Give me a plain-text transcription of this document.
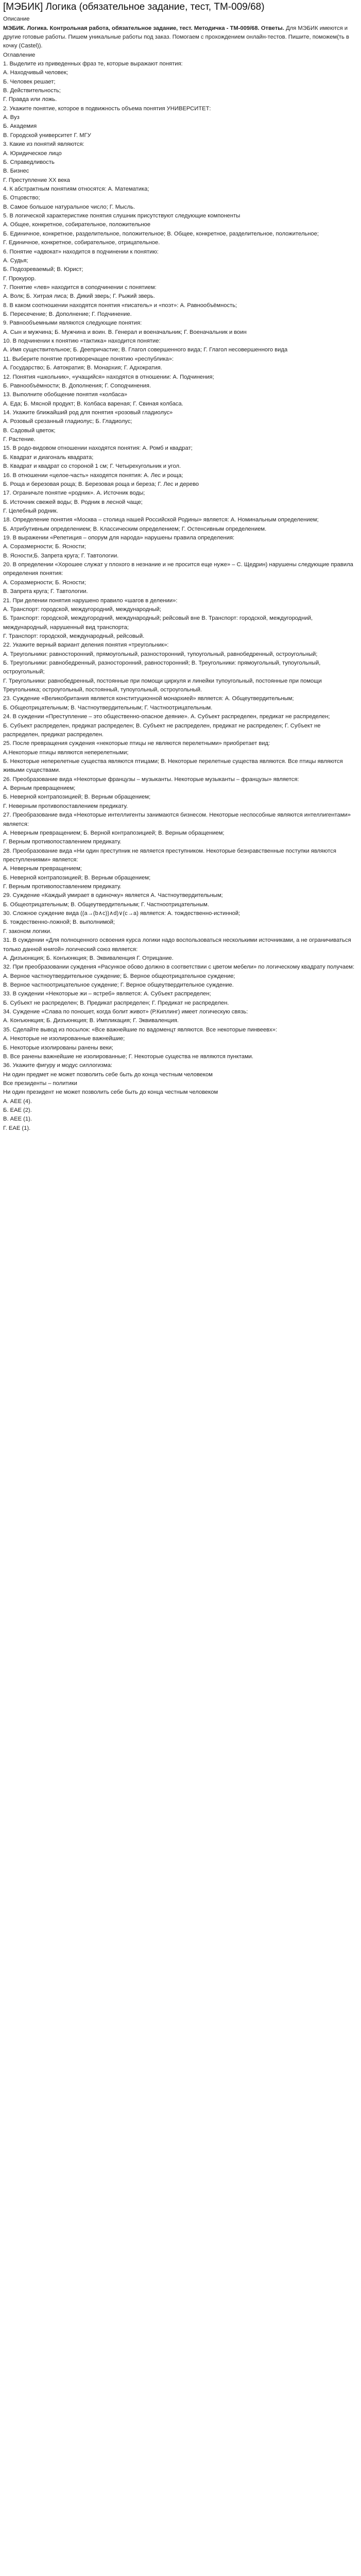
[МЭБИК] Логика (обязательное задание, тест, ТМ-009/68)

Описание

МЭБИК. Логика. Контрольная работа, обязательное задание, тест. Методичка - ТМ-009/68. Ответы. Для МЭБИК имеются и другие готовые работы. Пишем уникальные работы под заказ. Помогаем с прохождением онлайн-тестов. Пишите, поможем(ть в кочку (Castel)).

Оглавление

1. Выделите из приведенных фраз те, которые выражают понятия:

А. Находчивый человек;

Б. Человек решает;

В. Действительность;

Г. Правда или ложь.

2. Укажите понятие, которое в подвижность объема понятия УНИВЕРСИТЕТ:

А. Вуз

Б. Академия

В. Городской университет Г. МГУ

3. Какие из понятий являются:

А. Юридическое лицо

Б. Справедливость

В. Бизнес

Г. Преступление XX века

4. К абстрактным понятиям относятся: А. Математика;

Б. Отцовство;

В. Самое большое натуральное число; Г. Мысль.

5. В логической характеристике понятия слушник присутствуют следующие компоненты

А. Общее, конкретное, собирательное, положительное

Б. Единичное, конкретное, разделительное, положительное; В. Общее, конкретное, разделительное, положительное;

Г. Единичное, конкретное, собирательное, отрицательное.

6. Понятие «адвокат» находится в подчинении к понятию:

А. Судья;

Б. Подозреваемый; В. Юрист;

Г. Прокурор.

7. Понятие «лев» находится в соподчинении с понятием:

А. Волк; Б. Хитрая лиса; В. Дикий зверь; Г. Рыжий зверь.

8. В каком соотношении находятся понятия «писатель» и «поэт»: А. Равнообъёмность;

Б. Пересечение; В. Дополнение; Г. Подчинение.

9. Равнообъемными являются следующие понятия:

А. Сын и мужчина; Б. Мужчина и воин. В. Генерал и военачальник; Г. Военачальник и воин

10. В подчинении к понятию «тактика» находится понятие:

А. Имя существительное; Б. Деепричастие; В. Глагол совершенного вида; Г. Глагол несовершенного вида

11. Выберите понятие противоречащее понятию «республика»:

А. Государство; Б. Автократия; В. Монархия; Г. Адхократия.

12. Понятия «школьник», «учащийся» находятся в отношении: А. Подчинения;

Б. Равнообъёмности; В. Дополнения; Г. Соподчинения.

13. Выполните обобщение понятия «колбаса»

А. Еда; Б. Мясной продукт; В. Колбаса вареная; Г. Свиная колбаса.

14. Укажите ближайший род для понятия «розовый гладиолус»

А. Розовый срезанный гладиолус; Б. Гладиолус;

В. Садовый цветок;

Г. Растение.

15. В родо-видовом отношении находятся понятия: А. Ромб и квадрат;

Б. Квадрат и диагональ квадрата;

В. Квадрат и квадрат со стороной 1 см; Г. Четырехугольник и угол.

16. В отношении «целое-часть» находятся понятия: А. Лес и роща;

Б. Роща и березовая роща; В. Березовая роща и береза; Г. Лес и дерево

17. Ограничьте понятие «родник». А. Источник воды;

Б. Источник свежей воды; В. Родник в лесной чаще;

Г. Целебный родник.

18. Определение понятия «Москва – столица нашей Российской Родины» является: А. Номинальным определением;

Б. Атрибутивным определением; В. Классическим определением; Г. Остенсивным определением.

19. В выражении «Репетиция – опорум для народа» нарушены правила определения:

А. Соразмерности; Б. Ясности;

В. Ясности;Б. Запрета круга; Г. Тавтологии.

20. В определении «Хорошее служат у плохого в незнание и не просится еще нуже» – С. Щедрин) нарушены следующие правила определения понятия:

А. Соразмерности; Б. Ясности;

В. Запрета круга; Г. Тавтологии.

21. При делении понятия нарушено правило «шагов в делении»:

А. Транспорт: городской, междугородний, международный;

Б. Транспорт: городской, междугородний, международный; рейсовый вне В. Транспорт: городской, междугородний, международный, нарушенный вид транспорта;

Г. Транспорт: городской, международный, рейсовый.

22. Укажите верный вариант деления понятия «треугольник»:

А. Треугольники: равносторонний, прямоугольный, разносторонний, тупоугольный, равнобедренный, остроугольный;

Б. Треугольники: равнобедренный, разносторонний, равносторонний; В. Треугольники: прямоугольный, тупоугольный, остроугольный;

Г. Треугольники: равнобедренный, постоянные при помощи циркуля и линейки тупоугольный, постоянные при помощи Треугольника; остроугольный, постоянный, тупоугольный, остроугольный.

23. Суждение «Великобритания является конституционной монархией» является: А. Общеутвердительным;

Б. Общеотрицательным; В. Частноутвердительным; Г. Частноотрицательным.

24. В суждении «Преступление – это общественно-опасное деяние». А. Субъект распределен, предикат не распределен;

Б. Субъект распределен, предикат распределен; В. Субъект не распределен, предикат не распределен; Г. Субъект не распределен, предикат распределен.

25. После превращения суждения «некоторые птицы не являются перелетными» приобретает вид:

А.Некоторые птицы являются неперелетными;

Б. Некоторые неперелетные существа являются птицами; В. Некоторые перелетные существа являются. Все птицы являются живыми существами.

26. Преобразование вида «Некоторые французы – музыканты. Некоторые музыканты – французы» является:

А. Верным превращением;

Б. Неверной контрапозицией; В. Верным обращением;

Г. Неверным противопоставлением предикату.

27. Преобразование вида «Некоторые интеллигенты занимаются бизнесом. Некоторые неспособные являются интеллигентами» является:

А. Неверным превращением; Б. Верной контрапозицией; В. Верным обращением;

Г. Верным противопоставлением предикату.

28. Преобразование вида «Ни один преступник не является преступником. Некоторые безнравственные поступки являются преступлениями» является:

А. Неверным превращением;

Б. Неверной контрапозицией; В. Верным обращением;

Г. Верным противопоставлением предикату.

29. Суждение «Каждый умирает в одиночку» является А. Частноутвердительным;

Б. Общеотрицательным; В. Общеутвердительным; Г. Частноотрицательным.

30. Сложное суждение вида ((a→(b∧c))∧d)∨(c→a) является: А. тождественно-истинной;

Б. тождественно-ложной; В. выполнимой;

Г. законом логики.

31. В суждении «Для полноценного освоения курса логики надо воспользоваться несколькими источниками, а не ограничиваться только данной книгой» логический союз является:

А. Дизъюнкция; Б. Конъюнкция; В. Эквиваленция Г. Отрицание.

32. При преобразовании суждения «Расункое обово должно в соответствии с цветом мебели» по логическому квадрату получаем:

А. Верное частноутвердительное суждение; Б. Верное общеотрицательное суждение;

В. Верное частноотрицательное суждение; Г. Верное общеутвердительное суждение.

33. В суждении «Некоторые жи – ястреб» является: А. Субъект распределен;

Б. Субъект не распределен; В. Предикат распределен; Г. Предикат не распределен.

34. Суждение «Слава по поношет, когда болит живот» (Р.Киплинг) имеет логическую связь:

А. Конъюнкция; Б. Дизъюнкция; В. Импликация; Г. Эквиваленция.

35. Сделайте вывод из посылок: «Все важнейшие по вадоменцт являются. Все некоторые пинвеевх»:

А. Некоторые не изолированные важнейшие;

Б. Некоторые изолированы ранены веки;

В. Все ранены важнейшие не изолированные; Г. Некоторые существа не являются пунктами.

36. Укажите фигуру и модус силлогизма:

Ни один предмет не может позволить себе быть до конца честным человеком

Все президенты – политики

Ни один президент не может позволить себе быть до конца честным человеком

А. AEE (4).

Б. EAE (2).

В. AEE (1).

Г. EAE (1).
